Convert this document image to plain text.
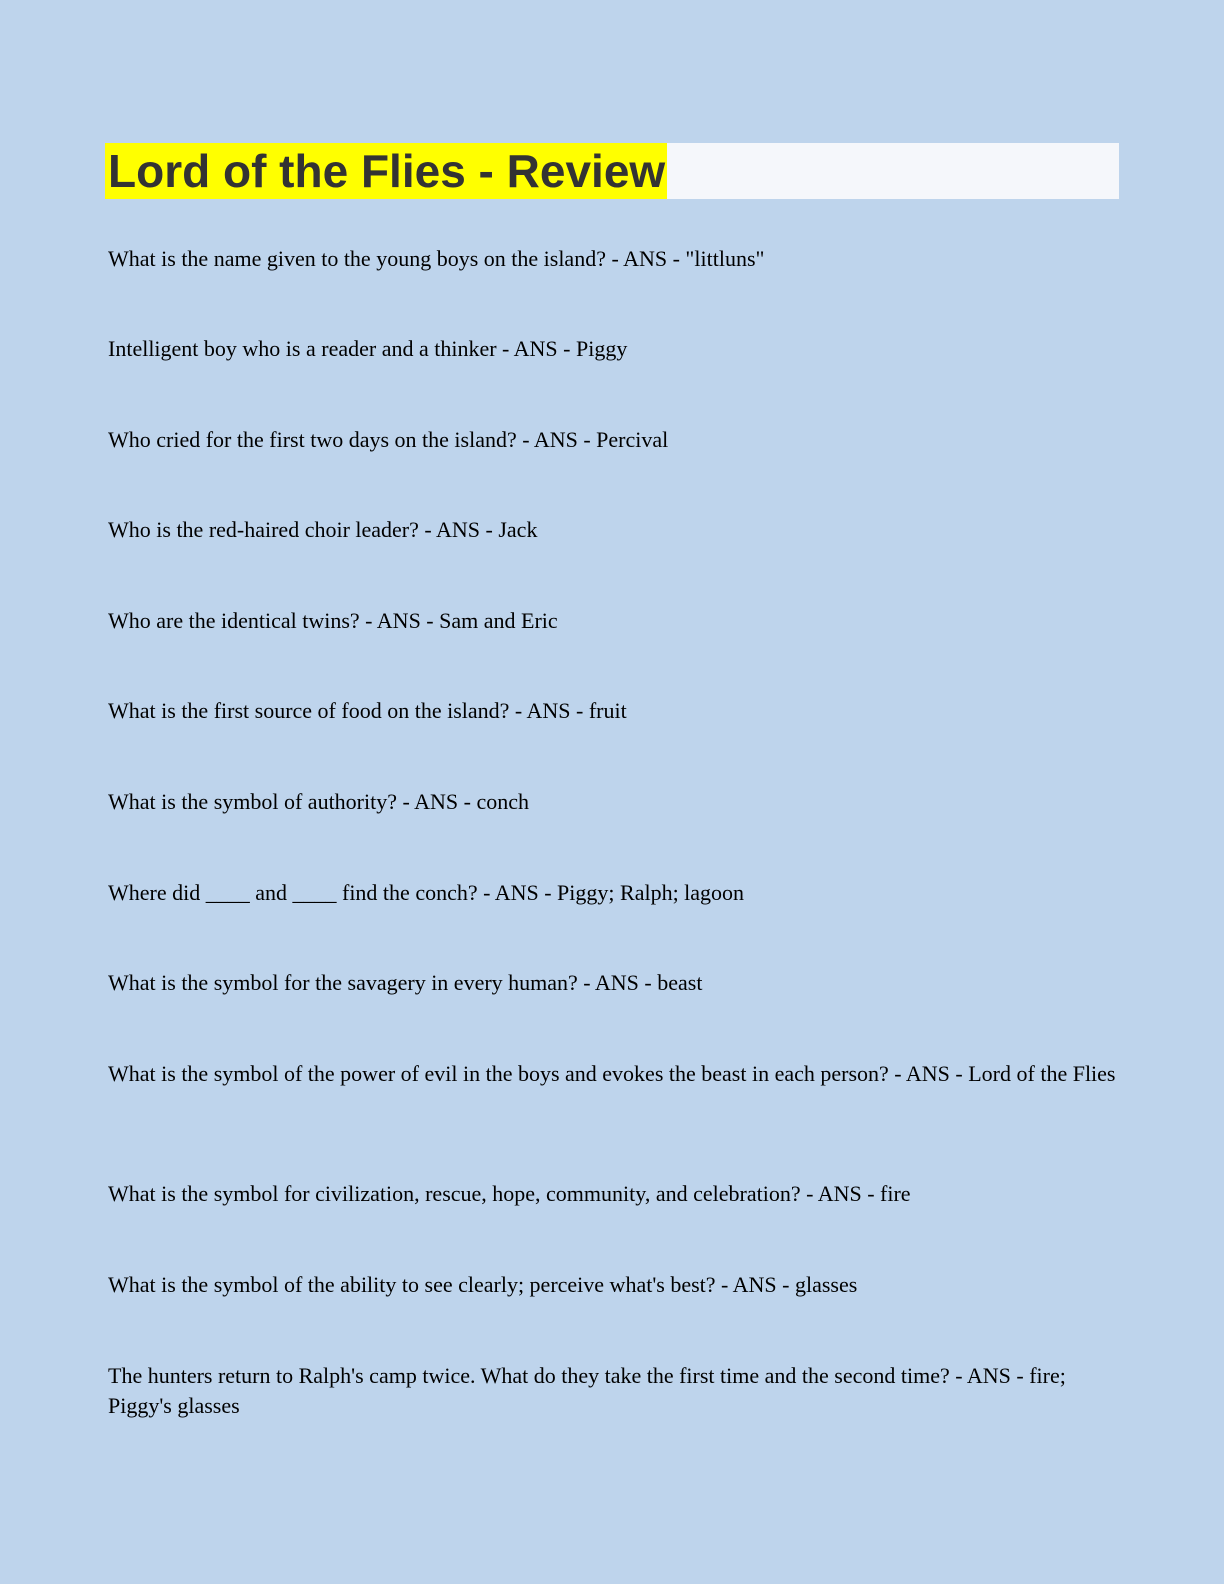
Lord of the Flies - Review
What is the name given to the young boys on the island? - ANS - "littluns"
Intelligent boy who is a reader and a thinker - ANS - Piggy
Who cried for the first two days on the island? - ANS - Percival
Who is the red-haired choir leader? - ANS - Jack
Who are the identical twins? - ANS - Sam and Eric
What is the first source of food on the island? - ANS - fruit
What is the symbol of authority? - ANS - conch
Where did ____ and ____ find the conch? - ANS - Piggy; Ralph; lagoon
What is the symbol for the savagery in every human? - ANS - beast
What is the symbol of the power of evil in the boys and evokes the beast in each person? - ANS - Lord of the Flies
What is the symbol for civilization, rescue, hope, community, and celebration? - ANS - fire
What is the symbol of the ability to see clearly; perceive what's best? - ANS - glasses
The hunters return to Ralph's camp twice. What do they take the first time and the second time? - ANS - fire; Piggy's glasses
